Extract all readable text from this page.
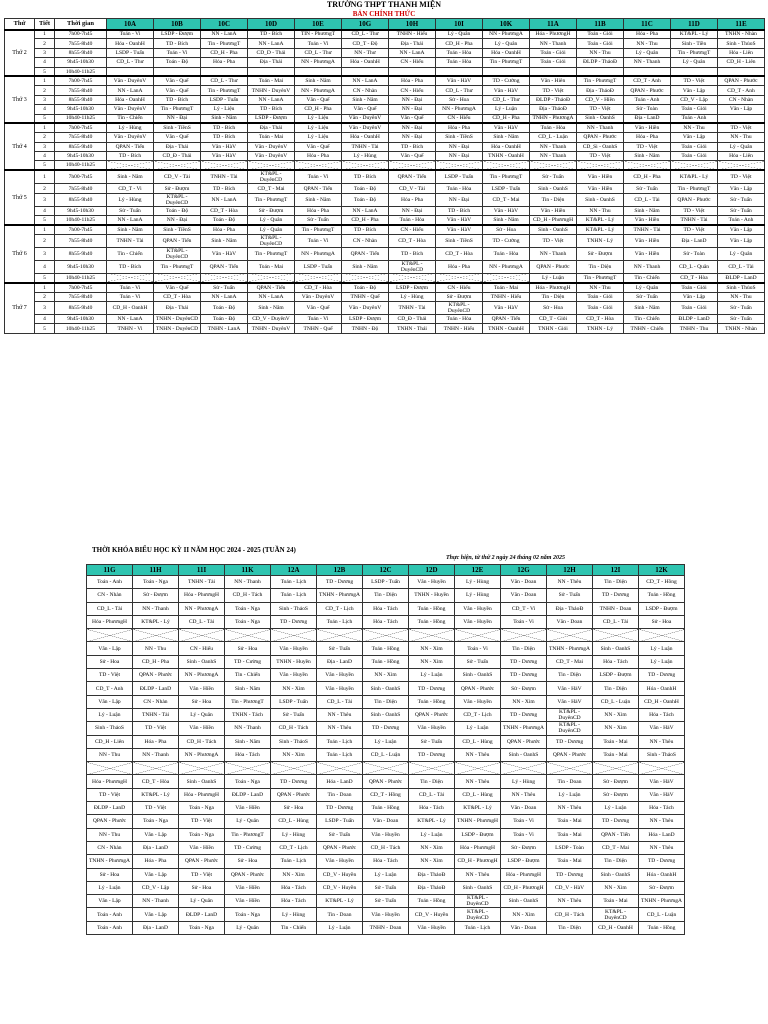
TRƯỜNG THPT THANH MIỆN
BẢN CHÍNH THỨC
Thứ	Tiết	Thời gian	10A	10B	10C	10D	10E	10G	10H	10I	10K	11A	11B	11C	11D	11E
Thứ 2	1	7h00-7h45	Toán - Vi	LSDP - Đượm	NN - LanA	TD - Bích	TIN - PhươngT	CD_L - Thư	TNHN - Hiếu	Lý - Quân	NN - PhươngA	Hóa - PhươngH	Toán - Giỏi	Hóa - Pha	KT&PL - Lý	TNHN - Nhàn
	2	7h55-8h40	Hóa - OanhH	TD - Bích	Tin - PhươngT	NN - LanA	Toán - Vi	CD_T - Độ	Địa - Thái	CD_H - Pha	Lý - Quân	NN - Thanh	Toán - Giỏi	NN - Thu	Sinh - Tiền	Sinh - ThủoS
	3	8h55-9h40	LSDP - Tuấn	Toán - Vi	CD_H - Pha	CD_D - Thái	CD_L - Thư	NN - Thư	NN - LanA	Toán - Hòa	Hóa - OanhH	Toán - Giỏi	NN - Thu	Lý - Quân	Tin - PhươngT	Hóa - Liên
	4	9h45-10h30	CD_L - Thư	Toán - Độ	Hóa - Pha	Địa - Thái	NN - PhươngA	Hóa - OanhH	CN - Hiếu	Toán - Hòa	Tin - PhươngT	Toán - Giỏi	ĐLDP - ThảoĐ	NN - Thanh	Lý - Quân	CD_H - Liên
	5	10h40-11h25														
Thứ 3	1	7h00-7h45	Văn - DuyênV	Văn - Quế	CD_L - Thư	Toán - Mai	Sinh - Năm	NN - LanA	Hóa - Pha	Văn - HàV	TD - Cường	Văn - Hiên	Tin - PhươngT	CD_T - Anh	TD - Việt	QPAN - Phước
	2	7h55-8h40	NN - LanA	Văn - Quế	Tin - PhươngT	TNHN - DuyênV	NN - PhươngA	CN - Nhàn	CN - Hiếu	CD_L - Thư	Văn - HàV	TD - Việt	Địa - ThảoĐ	QPAN - Phước	Văn - Lập	CD_T - Anh
	3	8h55-9h40	Hóa - OanhH	TD - Bích	LSDP - Tuấn	NN - LanA	Văn - Quế	Sinh - Năm	NN - Đại	Sử - Hoa	CD_L - Thư	ĐLDP - ThảoĐ	CD_V - Hiền	Toán - Anh	CD_V - Lập	CN - Nhàn
	4	9h45-10h30	Văn - DuyênV	Tin - PhươngT	Lý - Liệu	TD - Bích	CD_H - Pha	Văn - Quế	NN - Đại	NN - PhươngA	Lý - Luận	Địa - ThảoĐ	TD - Việt	Sử - Toàn	Toán - Giỏi	Văn - Lập
	5	10h40-11h25	Tin - Chiến	NN - Đại	Sinh - Năm	LSDP - Đượm	Lý - Liệu	Văn - DuyênV	Văn - Quế	CN - Hiếu	CD_H - Pha	TNHN - PhươngA	Sinh - OanhS	Địa - LanD	Toán - Anh	
Thứ 4	1	7h00-7h45	Lý - Hùng	Sinh - TiềnS	TD - Bích	Địa - Thái	Lý - Liệu	Văn - DuyênV	NN - Đại	Hóa - Pha	Văn - HàV	Toán - Hòa	NN - Thanh	Văn - Hiền	NN - Thu	TD - Việt
	2	7h55-8h40	Văn - DuyênV	Văn - Quế	TD - Bích	Toán - Mai	Lý - Liệu	Hóa - OanhH	NN - Đại	Sinh - TiềnS	Sinh - Năm	CD_L - Luận	QPAN - Phước	Hóa - Pha	Văn - Lập	NN - Thu
	3	8h55-9h40	QPAN - Tiến	Địa - Thái	Văn - HàV	Văn - DuyênV	Văn - Quế	TNHN - Tài	TD - Bích	NN - Đại	Hóa - OanhH	NN - Thanh	CD_Si - OanhS	TD - Việt	Toán - Giỏi	Lý - Quân
	4	9h45-10h30	TD - Bích	CD_Đ - Thái	Văn - HàV	Văn - DuyênV	Hóa - Pha	Lý - Hùng	Văn - Quế	NN - Đại	TNHN - OanhH	NN - Thanh	TD - Việt	Sinh - Năm	Toán - Giỏi	Hóa - Liên
	5	10h40-11h25														
Thứ 5	1	7h00-7h45	Sinh - Năm	CD_V - Tài	TNHN - Tài	KT&PL - DuyênCD	Toán - Vi	TD - Bích	QPAN - Tiến	LSDP - Tuấn	Tin - PhươngT	Sử - Tuấn	Văn - Hiền	CD_H - Pha	KT&PL - Lý	TD - Việt
	2	7h55-8h40	CD_T - Vi	Sử - Đượm	TD - Bích	CD_T - Mai	QPAN - Tiến	Toán - Độ	CD_V - Tài	Toán - Hòa	LSDP - Tuấn	Sinh - OanhS	Văn - Hiền	Sử - Tuấn	Tin - PhươngT	Văn - Lập
	3	8h55-9h40	Lý - Hùng	KT&PL - DuyênCD	NN - LanA	Tin - PhươngT	Sinh - Năm	Toán - Độ	Hóa - Pha	NN - Đại	CD_T - Mai	Tin - Diện	Sinh - OanhS	CD_L - Tài	QPAN - Phước	Sử - Tuấn
	4	9h45-10h30	Sử - Tuấn	Toán - Độ	CD_T - Hòa	Sử - Đượm	Hóa - Pha	NN - LanA	NN - Đại	TD - Bích	Văn - HàV	Văn - Hiền	NN - Thu	Sinh - Năm	TD - Việt	Sử - Tuấn
	5	10h40-11h25	NN - LanA	NN - Đại	Toán - Độ	Lý - Quân	Sử - Tuấn	CD_H - Pha	Toán - Hòa	Văn - HàV	Sinh - Năm	CD_H - PhươngH	KT&PL - Lý	Văn - Hiền	TNHN - Tài	Toán - Anh
Thứ 6	1	7h00-7h45	Sinh - Năm	Sinh - TiềnS	Hóa - Pha	Lý - Quân	Tin - PhươngT	TD - Bích	CN - Hiếu	Văn - HàV	Sử - Hoa	Sinh - OanhS	KT&PL - Lý	TNHN - Tài	TD - Việt	Văn - Lập
	2	7h55-8h40	TNHN - Tài	QPAN - Tiến	Sinh - Năm	KT&PL - DuyênCD	Toán - Vi	CN - Nhàn	CD_T - Hòa	Sinh - TiềnS	TD - Cường	TD - Việt	TNHN - Lý	Văn - Hiền	Địa - LanD	Văn - Lập
	3	8h55-9h40	Tin - Chiến	KT&PL - DuyênCD	Văn - HàV	Tin - PhươngT	NN - PhươngA	QPAN - Tiến	TD - Bích	CD_T - Hòa	Toán - Hòa	NN - Thanh	Sử - Đượm	Văn - Hiền	Sử - Toàn	Lý - Quân
	4	9h45-10h30	TD - Bích	Tin - PhươngT	QPAN - Tiến	Toán - Mai	LSDP - Tuấn	Sinh - Năm	KT&PL - DuyênCD	Hóa - Pha	NN - PhươngA	QPAN - Phước	Tin - Diện	NN - Thanh	CD_L - Quân	CD_L - Tài
	5	10h40-11h25										Lý - Luận	Tin - PhươngT	Tin - Chiến	CD_T - Hòa	ĐLDP - LanD
Thứ 7	1	7h00-7h45	Toán - Vi	Văn - Quế	Sử - Tuấn	QPAN - Tiến	CD_T - Hòa	Toán - Độ	LSDP - Đượm	CN - Hiếu	Toán - Mai	Hóa - PhươngH	NN - Thu	Lý - Quân	Toán - Giỏi	Sinh - ThủoS
	2	7h55-8h40	Toán - Vi	CD_T - Hòa	NN - LanA	NN - LanA	Văn - DuyênV	TNHN - Quế	Lý - Hùng	Sử - Đượm	TNHN - Hiếu	Tin - Diện	Toán - Giỏi	Sử - Tuấn	Văn - Lập	NN - Thu
	3	8h55-9h40	CD_H - OanhH	Địa - Thái	Toán - Độ	Sinh - Năm	Văn - Quế	Văn - DuyênV	TNHN - Tài	KT&PL - DuyênCD	Văn - HàV	Sử - Hoa	Toán - Giỏi	Sinh - Năm	Toán - Giỏi	Sử - Tuấn
	4	9h45-10h30	NN - LanA	TNHN - DuyênCD	Toán - Độ	CD_V - DuyênV	Toán - Vi	LSDP - Đượm	CD_Đ - Thái	Toán - Hòa	QPAN - Tiến	CD_T - Giỏi	CD_T - Hòa	Tin - Chiến	ĐLDP - LanD	Sử - Tuấn
	5	10h40-11h25	TNHN - Vi	TNHN - DuyênCD	TNHN - LanA	TNHN - DuyênV	TNHN - Quế	TNHN - Độ	TNHN - Thái	TNHN - Hiếu	TNHN - OanhH	TNHN - Giỏi	TNHN - Lý	TNHN - Chiến	TNHN - Thu	TNHN - Nhàn
THỜI KHÓA BIỂU HỌC KỲ II NĂM HỌC 2024 - 2025 (TUẦN 24)
Thực hiện, từ thứ 2 ngày 24 tháng 02 năm 2025
11G	11H	11I	11K	12A	12B	12C	12D	12E	12G	12H	12I	12K
Toán - Anh	Toán - Nga	TNHN - Tài	NN - Thanh	Toán - Lịch	TD - Dương	LSDP - Tuấn	Văn - Huyền	Lý - Hùng	Văn - Doan	NN - Thêu	Tin - Diện	CD_T - Hồng
CN - Nhàn	Sử - Đượm	Hóa - PhươngH	CD_H - Tách	Toán - Lịch	TNHN - PhươngA	Tin - Diện	TNHN - Huyền	Lý - Hùng	Văn - Doan	Sử - Tuấn	TD - Dương	Toán - Hồng
CD_L - Tài	NN - Thanh	NN - PhươngA	Toán - Nga	Sinh - ThảoS	CD_T - Lịch	Hóa - Tách	Toán - Hồng	Văn - Huyền	CD_T - Vi	Địa - ThảoĐ	TNHN - Doan	LSDP - Đượm
Hóa - PhươngH	KT&PL - Lý	CD_L - Tài	Toán - Nga	TD - Dương	Toán - Lịch	Hóa - Tách	Toán - Hồng	Văn - Huyền	Toán - Vi	Văn - Doan	CD_L - Tài	Sử - Hoa

Văn - Lập	NN - Thu	CN - Hiếu	Sử - Hoa	Văn - Huyền	Sử - Tuấn	Toán - Hồng	NN - Xim	Toán - Vi	Tin - Diện	TNHN - PhươngA	Sinh - OanhS	Lý - Luận
Sử - Hoa	CD_H - Pha	Sinh - OanhS	TD - Cường	TNHN - Huyền	Địa - LanD	Toán - Hồng	NN - Xim	Sử - Tuấn	TD - Dương	CD_T - Mai	Hóa - Tách	Lý - Luận
TD - Việt	QPAN - Phước	NN - PhươngA	Tin - Chiến	Văn - Huyền	Văn - Huyền	NN - Xim	Lý - Luận	Sinh - OanhS	TD - Dương	Tin - Diện	LSDP - Đượm	TD - Dương
CD_T - Anh	ĐLDP - LanD	Văn - Hiền	Sinh - Năm	NN - Xim	Văn - Huyền	Sinh - OanhS	TD - Dương	QPAN - Phước	Sử - Đượm	Văn - HàV	Tin - Diện	Hóa - OanhH
Văn - Lập	CN - Nhàn	Sử - Hoa	Tin - PhươngT	LSDP - Tuấn	CD_L - Tài	Tin - Diện	Toán - Hồng	Văn - Huyền	NN - Xim	Văn - HàV	CD_L - Luận	CD_H - OanhH
Lý - Luận	TNHN - Tài	Lý - Quân	TNHN - Tách	Sử - Tuấn	NN - Thêu	Sinh - OanhS	QPAN - Phước	CD_T - Lịch	TD - Dương	KT&PL - DuyênCD	NN - Xim	Hóa - Tách
Sinh - ThảoS	TD - Việt	Văn - Hiền	NN - Thanh	CD_H - Tách	NN - Thêu	TD - Dương	Văn - Huyền	Lý - Luận	TNHN - PhươngA	KT&PL - DuyênCD	NN - Xim	Văn - HàV
CD_H - Liên	Hóa - Pha	CD_H - Tách	Sinh - Năm	Sinh - ThảoS	Toán - Lịch	Lý - Luận	Sử - Tuấn	CD_L - Hùng	QPAN - Phước	TD - Dương	Toán - Mai	NN - Thêu
NN - Thu	NN - Thanh	NN - PhươngA	Hóa - Tách	NN - Xim	Toán - Lịch	CD_L - Luận	TD - Dương	NN - Thêu	Sinh - OanhS	QPAN - Phước	Toán - Mai	Sinh - ThảoS

Hóa - PhươngH	CD_T - Hòa	Sinh - OanhS	Toán - Nga	TD - Dương	Hóa - LanD	QPAN - Phước	Tin - Diện	NN - Thêu	Lý - Hùng	Tin - Doan	Sử - Đượm	Văn - HàV
TD - Việt	KT&PL - Lý	Hóa - PhươngH	ĐLDP - LanD	QPAN - Phước	Tin - Doan	CD_T - Hồng	CD_L - Tài	CD_L - Hùng	NN - Thêu	Lý - Luận	Sử - Đượm	Văn - HàV
ĐLDP - LanD	TD - Việt	Toán - Nga	Văn - Hiền	Sử - Hoa	TD - Dương	Toán - Hồng	Hóa - Tách	KT&PL - Lý	Văn - Doan	NN - Thêu	Lý - Luận	Hóa - Tách
QPAN - Phước	Toán - Nga	TD - Việt	Lý - Quân	CD_L - Hùng	LSDP - Tuấn	Văn - Doan	KT&PL - Lý	TNHN - PhươngH	Toán - Vi	Toán - Mai	TD - Dương	NN - Thêu
NN - Thu	Văn - Lập	Toán - Nga	Tin - PhươngT	Lý - Hùng	Sử - Tuấn	Văn - Huyền	Lý - Luận	LSDP - Đượm	Toán - Vi	Toán - Mai	QPAN - Tiến	Hóa - LanD
CN - Nhàn	Địa - LanD	Văn - Hiền	TD - Cường	CD_T - Lịch	QPAN - Phước	CD_H - Tách	NN - Xim	Hóa - PhươngH	Sử - Đượm	LSDP - Toàn	CD_T - Mai	NN - Thêu
TNHN - PhươngA	Hóa - Pha	QPAN - Phước	Sử - Hoa	Toán - Lịch	Văn - Huyền	Hóa - Tách	NN - Xim	CD_H - PhươngH	LSDP - Đượm	Toán - Mai	Tin - Diện	TD - Dương
Sử - Hoa	Văn - Lập	TD - Việt	QPAN - Phước	NN - Xim	CD_V - Huyền	Lý - Luận	Địa - ThảoĐ	NN - Thêu	Hóa - PhươngH	TD - Dương	Sinh - OanhS	Hóa - OanhH
Lý - Luận	CD_V - Lập	Sử - Hoa	Văn - Hiền	Hóa - Tách	CD_V - Huyền	Sử - Tuấn	Địa - ThảoĐ	Sinh - OanhS	CD_H - PhươngH	CD_V - HàV	NN - Xim	Sử - Đượm
Văn - Lập	NN - Thanh	Lý - Quân	Văn - Hiền	Hóa - Tách	KT&PL - Lý	Sử - Tuấn	Toán - Hồng	KT&PL - DuyênCD	Sinh - OanhS	NN - Thêu	Toán - Mai	TNHN - PhươngA
Toán - Anh	Văn - Lập	ĐLDP - LanD	Toán - Nga	Lý - Hùng	Tin - Doan	Văn - Huyền	CD_V - Huyền	KT&PL - DuyênCD	NN - Xim	CD_H - Tách	KT&PL - DuyênCD	CD_L - Luận
Toán - Anh	Địa - LanD	Toán - Nga	Lý - Quân	Tin - Chiến	Lý - Luận	TNHN - Doan	Văn - Huyền	Toán - Lịch	Văn - Doan	Tin - Diện	CD_H - OanhH	Toán - Hồng
